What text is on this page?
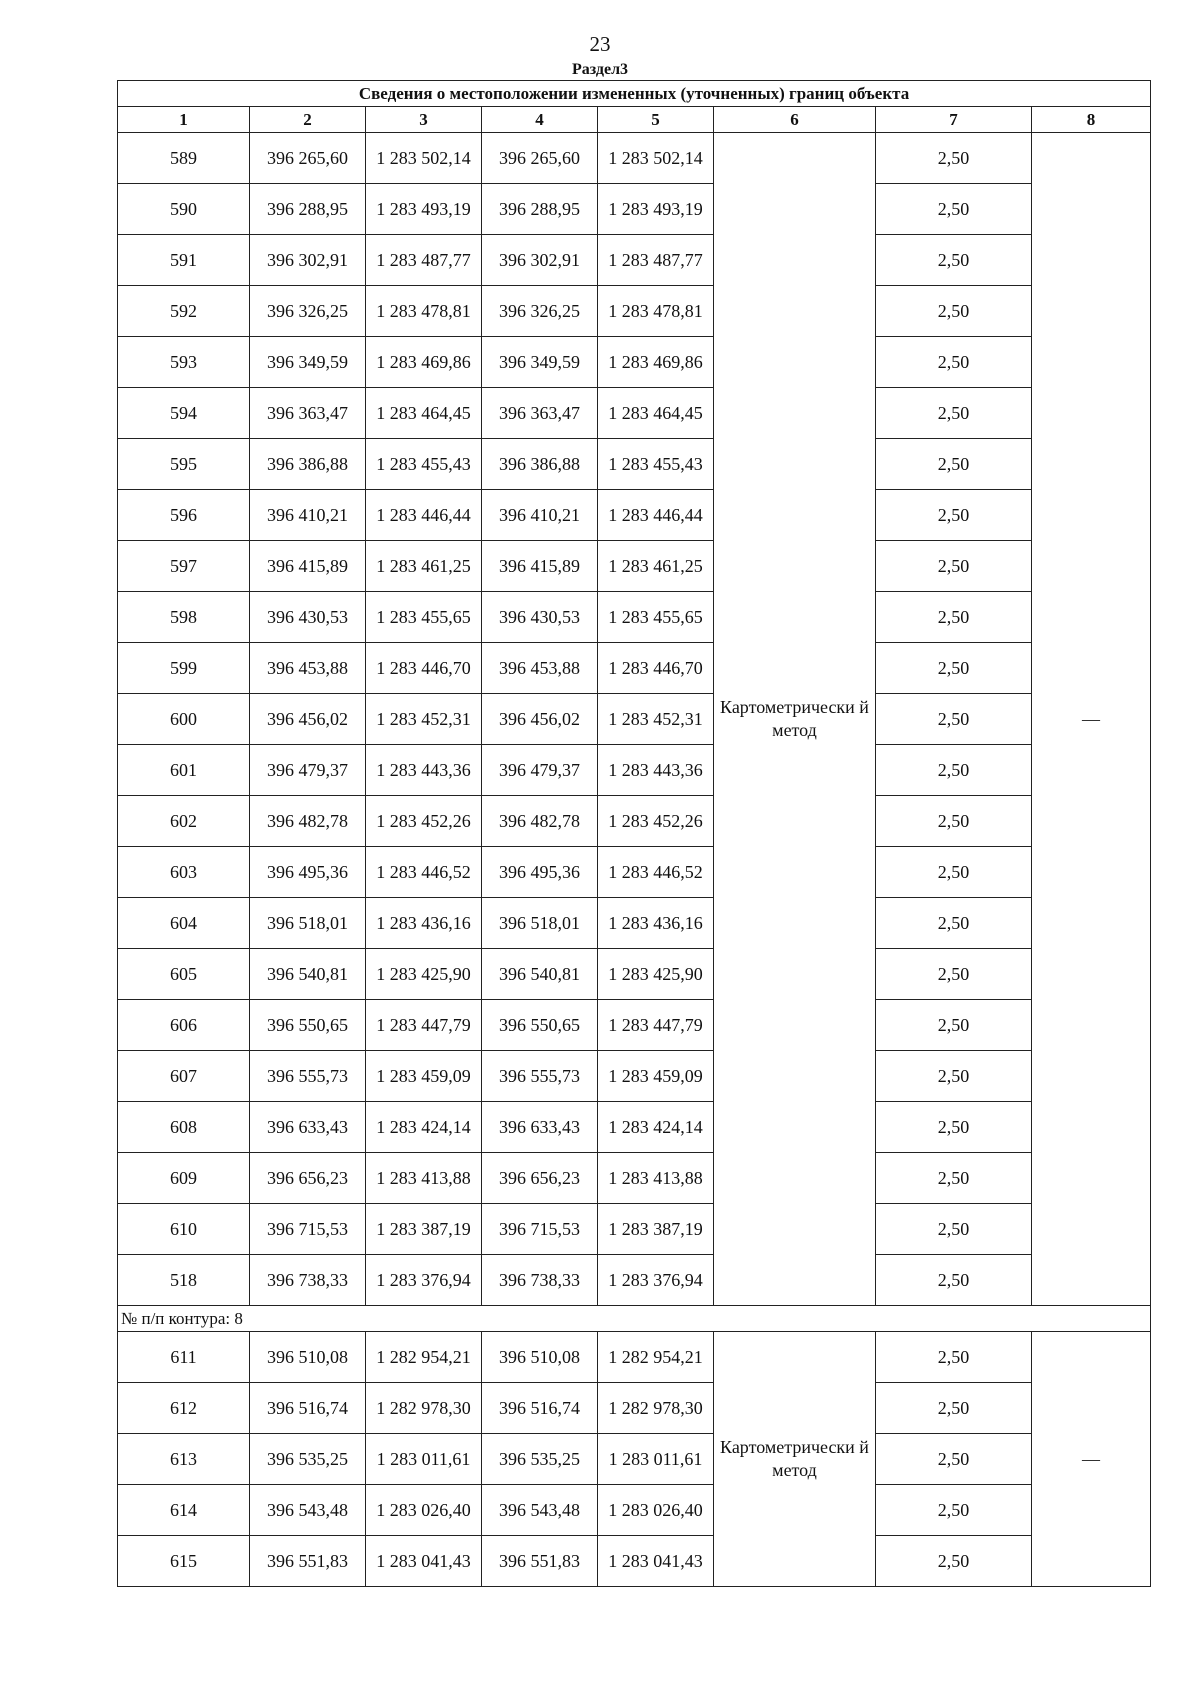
23
Раздел3
Сведения о местоположении измененных (уточненных) границ объекта							
1	2	3	4	5	6	7	8
589	396 265,60	1 283 502,14	396 265,60	1 283 502,14	Картометрически й метод	2,50	—
590	396 288,95	1 283 493,19	396 288,95	1 283 493,19		2,50	
591	396 302,91	1 283 487,77	396 302,91	1 283 487,77		2,50	
592	396 326,25	1 283 478,81	396 326,25	1 283 478,81		2,50	
593	396 349,59	1 283 469,86	396 349,59	1 283 469,86		2,50	
594	396 363,47	1 283 464,45	396 363,47	1 283 464,45		2,50	
595	396 386,88	1 283 455,43	396 386,88	1 283 455,43		2,50	
596	396 410,21	1 283 446,44	396 410,21	1 283 446,44		2,50	
597	396 415,89	1 283 461,25	396 415,89	1 283 461,25		2,50	
598	396 430,53	1 283 455,65	396 430,53	1 283 455,65		2,50	
599	396 453,88	1 283 446,70	396 453,88	1 283 446,70		2,50	
600	396 456,02	1 283 452,31	396 456,02	1 283 452,31		2,50	
601	396 479,37	1 283 443,36	396 479,37	1 283 443,36		2,50	
602	396 482,78	1 283 452,26	396 482,78	1 283 452,26		2,50	
603	396 495,36	1 283 446,52	396 495,36	1 283 446,52		2,50	
604	396 518,01	1 283 436,16	396 518,01	1 283 436,16		2,50	
605	396 540,81	1 283 425,90	396 540,81	1 283 425,90		2,50	
606	396 550,65	1 283 447,79	396 550,65	1 283 447,79		2,50	
607	396 555,73	1 283 459,09	396 555,73	1 283 459,09		2,50	
608	396 633,43	1 283 424,14	396 633,43	1 283 424,14		2,50	
609	396 656,23	1 283 413,88	396 656,23	1 283 413,88		2,50	
610	396 715,53	1 283 387,19	396 715,53	1 283 387,19		2,50	
518	396 738,33	1 283 376,94	396 738,33	1 283 376,94		2,50	
№ п/п контура: 8							
611	396 510,08	1 282 954,21	396 510,08	1 282 954,21	Картометрически й метод	2,50	—
612	396 516,74	1 282 978,30	396 516,74	1 282 978,30		2,50	
613	396 535,25	1 283 011,61	396 535,25	1 283 011,61		2,50	
614	396 543,48	1 283 026,40	396 543,48	1 283 026,40		2,50	
615	396 551,83	1 283 041,43	396 551,83	1 283 041,43		2,50	
